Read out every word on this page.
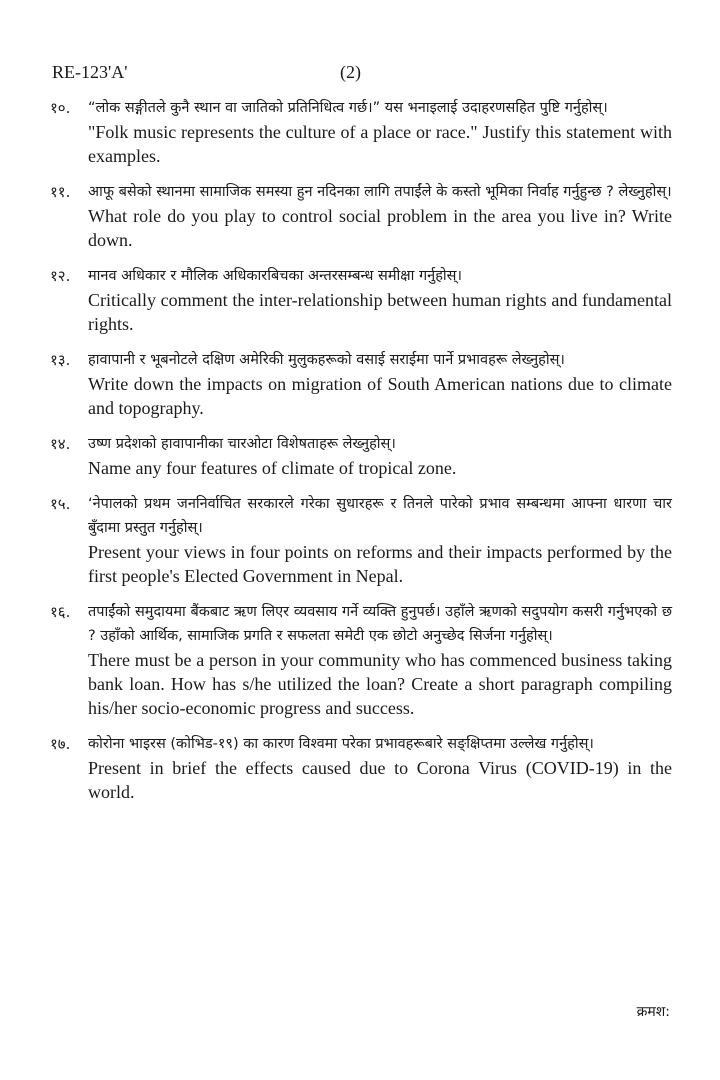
RE-123'A'	(2)
१०. “लोक सङ्गीतले कुनै स्थान वा जातिको प्रतिनिधित्व गर्छ।” यस भनाइलाई उदाहरणसहित पुष्टि गर्नुहोस्।

"Folk music represents the culture of a place or race." Justify this statement with examples.

११. आफू बसेको स्थानमा सामाजिक समस्या हुन नदिनका लागि तपाईंले के कस्तो भूमिका निर्वाह गर्नुहुन्छ ? लेख्नुहोस्।

What role do you play to control social problem in the area you live in? Write down.

१२. मानव अधिकार र मौलिक अधिकारबिचका अन्तरसम्बन्ध समीक्षा गर्नुहोस्।

Critically comment the inter-relationship between human rights and fundamental rights.

१३. हावापानी र भूबनोटले दक्षिण अमेरिकी मुलुकहरूको वसाई सराईमा पार्ने प्रभावहरू लेख्नुहोस्।

Write down the impacts on migration of South American nations due to climate and topography.

१४. उष्ण प्रदेशको हावापानीका चारओटा विशेषताहरू लेख्नुहोस्।

Name any four features of climate of tropical zone.

१५. ‘नेपालको प्रथम जननिर्वाचित सरकारले गरेका सुधारहरू र तिनले पारेको प्रभाव सम्बन्धमा आफ्ना धारणा चार बुँदामा प्रस्तुत गर्नुहोस्।

Present your views in four points on reforms and their impacts performed by the first people's Elected Government in Nepal.

१६. तपाईंको समुदायमा बैंकबाट ऋण लिएर व्यवसाय गर्ने व्यक्ति हुनुपर्छ। उहाँले ऋणको सदुपयोग कसरी गर्नुभएको छ ? उहाँको आर्थिक, सामाजिक प्रगति र सफलता समेटी एक छोटो अनुच्छेद सिर्जना गर्नुहोस्।

There must be a person in your community who has commenced business taking bank loan. How has s/he utilized the loan? Create a short paragraph compiling his/her socio-economic progress and success.

१७. कोरोना भाइरस (कोभिड-१९) का कारण विश्वमा परेका प्रभावहरूबारे सङ्क्षिप्तमा उल्लेख गर्नुहोस्।

Present in brief the effects caused due to Corona Virus (COVID-19) in the world.

क्रमश:
